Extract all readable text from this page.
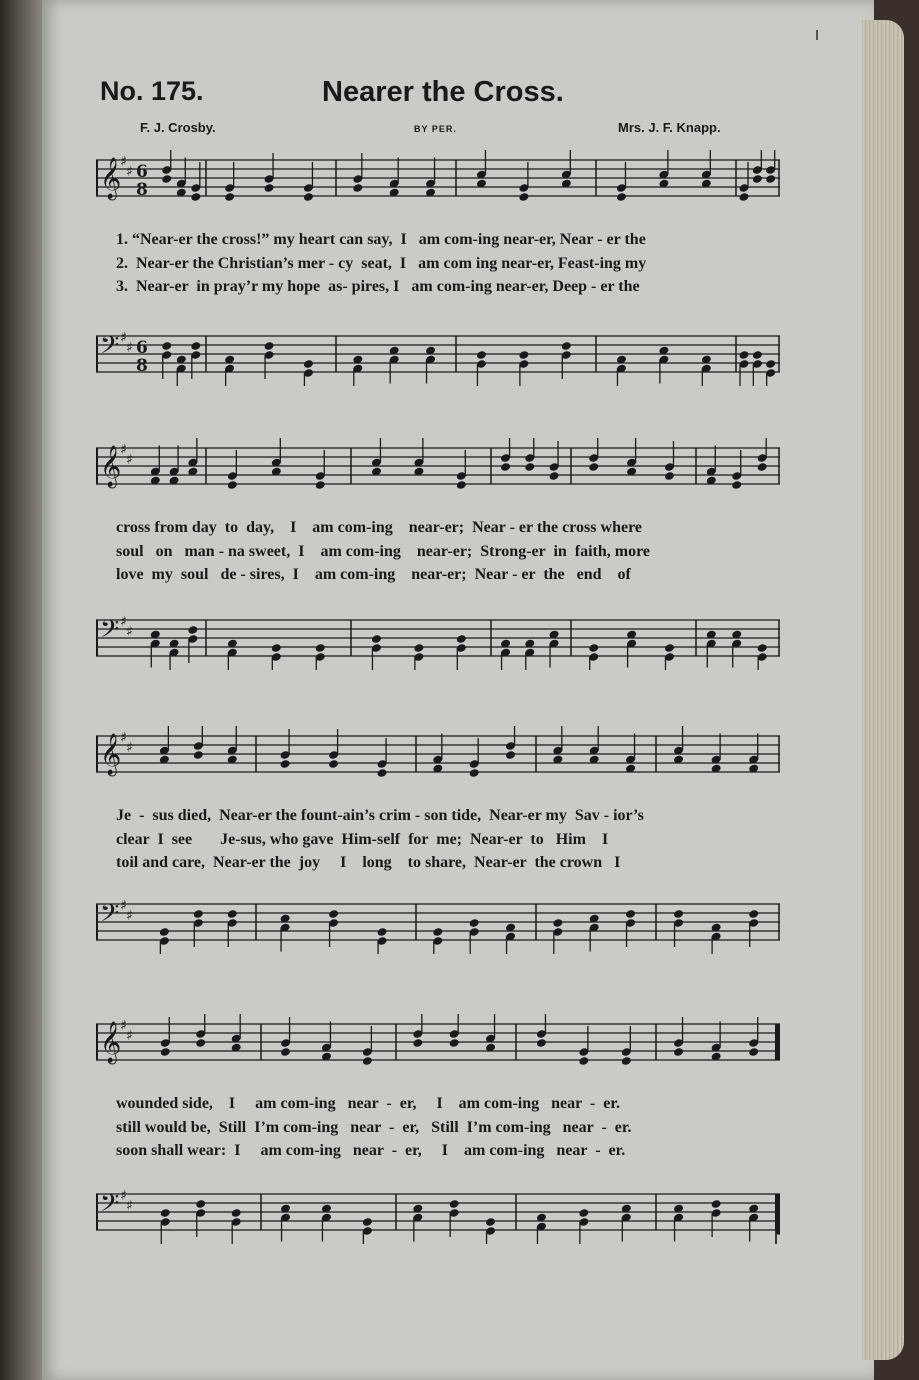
No. 175.	Nearer the Cross.
F. J. Crosby.	BY PER.	Mrs. J. F. Knapp.
𝄞
♯
♯ 6
8
1. “Near-er the cross!” my heart can say,  I   am com-ing near-er, Near - er the
2.  Near-er the Christian’s mer - cy  seat,  I   am com ing near-er, Feast-ing my
3.  Near-er  in pray’r my hope  as- pires, I   am com-ing near-er, Deep - er the
𝄢 ♯
♯ 6
8
𝄞
♯
♯
cross from day  to  day,    I    am com-ing    near-er;  Near - er the cross where
soul   on   man - na sweet,  I    am com-ing    near-er;  Strong-er  in  faith, more
love  my  soul   de - sires,  I    am com-ing    near-er;  Near - er  the   end    of
𝄢 ♯
♯
𝄞
♯
♯
Je  -  sus died,  Near-er the fount-ain’s crim - son tide,  Near-er my  Sav - ior’s
clear  I  see       Je-sus, who gave  Him-self  for  me;  Near-er  to   Him    I
toil and care,  Near-er the  joy     I    long    to share,  Near-er  the crown   I
𝄢 ♯
♯
𝄞
♯
♯
wounded side,    I     am com-ing   near  -  er,     I    am com-ing   near  -  er.
still would be,  Still  I’m com-ing   near  -  er,   Still  I’m com-ing   near  -  er.
soon shall wear:  I     am com-ing   near  -  er,     I    am com-ing   near  -  er.
𝄢 ♯
♯
